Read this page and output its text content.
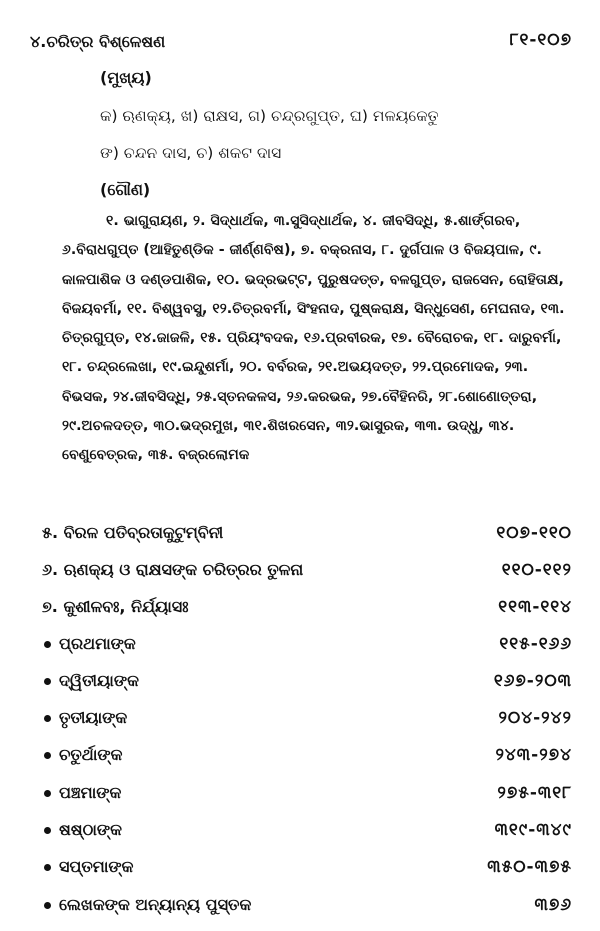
୪.ଚରିତ୍ର ବିଶ୍ଳେଷଣ	୮୧-୧୦୭
(ମୁଖ୍ୟ)
କ) ଋଣକ୍ୟ, ଖ) ରାକ୍ଷସ, ଗ) ଚନ୍ଦ୍ରଗୁପ୍ତ, ଘ) ମଳୟକେତୁ
ଙ) ଚନ୍ଦନ ଦାସ, ଚ) ଶକଟ ଦାସ
(ଗୌଣ)
୧. ଭାଗୁରାୟଣ, ୨. ସିଦ୍ଧାର୍ଥକ, ୩.ସୁସିଦ୍ଧାର୍ଥକ, ୪. ଜୀବସିଦ୍ଧି, ୫.ଶାର୍ଙ୍ଗରବ, ୬.ବିରାଧଗୁପ୍ତ (ଆହିତୁଣ୍ଡିକ - ଜୀର୍ଣ୍ଣବିଷ), ୭. ବକ୍ରନାସ, ୮. ଦୁର୍ଗପାଳ ଓ ବିଜୟପାଳ, ୯. କାଳପାଶିକ ଓ ଦଣ୍ଡପାଶିକ, ୧୦. ଭଦ୍ରଭଟ୍ଟ, ପୁରୁଷଦତ୍ତ, ବଳଗୁପ୍ତ, ରାଜସେନ, ରୋହିତାକ୍ଷ, ବିଜୟବର୍ମା, ୧୧. ବିଶ୍ୱବସୁ, ୧୨.ଚିତ୍ରବର୍ମା, ସିଂହନାଦ, ପୁଷ୍କରାକ୍ଷ, ସିନ୍ଧୁସେଣ, ମେଘନାଦ, ୧୩. ଚିତ୍ରଗୁପ୍ତ, ୧୪.ଜାଜଳି, ୧୫. ପ୍ରିୟଂବଦକ, ୧୬.ପ୍ରବୀରକ, ୧୭. ବୈରୋଚକ, ୧୮. ଦାରୁବର୍ମା, ୧୮. ଚନ୍ଦ୍ରଲେଖା, ୧୯.ଇନ୍ଦୁଶର୍ମା, ୨୦. ବର୍ବରକ, ୨୧.ଅଭୟଦତ୍ତ, ୨୨.ପ୍ରମୋଦକ, ୨୩. ବିଭସକ, ୨୪.ଜୀବସିଦ୍ଧି, ୨୫.ସ୍ତନକଳସ, ୨୬.କରଭକ, ୨୭.ବୈହିନରି, ୨୮.ଶୋଣୋତ୍ତରା, ୨୯.ଅଚଳଦତ୍ତ, ୩୦.ଭଦ୍ରମୁଖ, ୩୧.ଶିଖରସେନ, ୩୨.ଭାସୁରକ, ୩୩. ଉଦ୍ଧୁ, ୩୪. ବେଣୁବେତ୍ରକ, ୩୫. ବଜ୍ରଲୋମକ
୫. ବିରଳ ପତିବ୍ରତାକୁଟୁମ୍ବିନୀ	୧୦୭-୧୧୦
୬. ଋଣକ୍ୟ ଓ ରାକ୍ଷସଙ୍କ ଚରିତ୍ରର ତୁଳନା	୧୧୦-୧୧୨
୭. କୁଶୀଳବଃ, ନିର୍ଯ୍ୟାସଃ	୧୧୩-୧୧୪
ପ୍ରଥମାଙ୍କ	୧୧୫-୧୬୬
ଦ୍ୱିତୀୟାଙ୍କ	୧୬୭-୨୦୩
ତୃତୀୟାଙ୍କ	୨୦୪-୨୪୨
ଚତୁର୍ଥାଙ୍କ	୨୪୩-୨୭୪
ପଞ୍ଚମାଙ୍କ	୨୭୫-୩୧୮
ଷଷ୍ଠାଙ୍କ	୩୧୯-୩୪୯
ସପ୍ତମାଙ୍କ	୩୫୦-୩୭୫
ଲେଖକଙ୍କ ଅନ୍ୟାନ୍ୟ ପୁସ୍ତକ	୩୭୬
